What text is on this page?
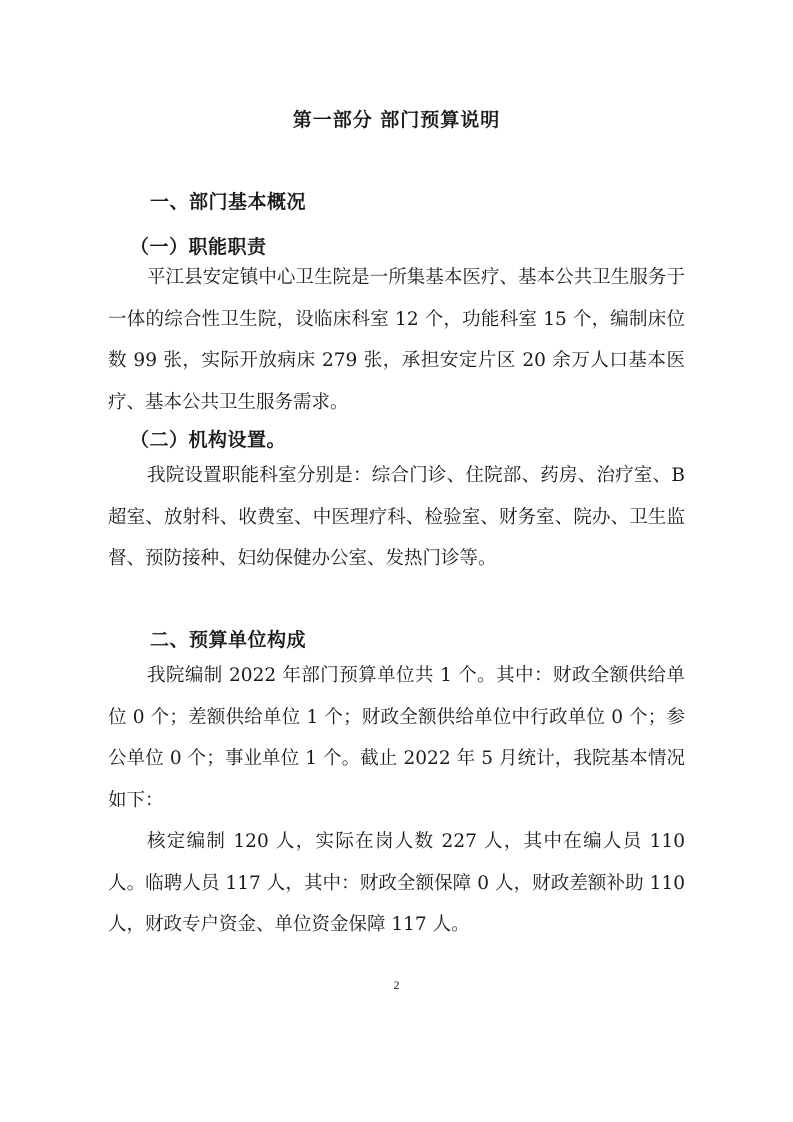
第一部分 部门预算说明
一、部门基本概况
（一）职能职责

平江县安定镇中心卫生院是一所集基本医疗、基本公共卫生服务于一体的综合性卫生院，设临床科室 12 个，功能科室 15 个，编制床位数 99 张，实际开放病床 279 张，承担安定片区 20 余万人口基本医疗、基本公共卫生服务需求。

（二）机构设置。

我院设置职能科室分别是：综合门诊、住院部、药房、治疗室、B 超室、放射科、收费室、中医理疗科、检验室、财务室、院办、卫生监督、预防接种、妇幼保健办公室、发热门诊等。

二、预算单位构成

我院编制 2022 年部门预算单位共 1 个。其中：财政全额供给单位 0 个；差额供给单位 1 个；财政全额供给单位中行政单位 0 个；参公单位 0 个；事业单位 1 个。截止 2022 年 5 月统计，我院基本情况如下：

核定编制 120 人，实际在岗人数 227 人，其中在编人员 110 人。临聘人员 117 人，其中：财政全额保障 0 人，财政差额补助 110 人，财政专户资金、单位资金保障 117 人。

2
